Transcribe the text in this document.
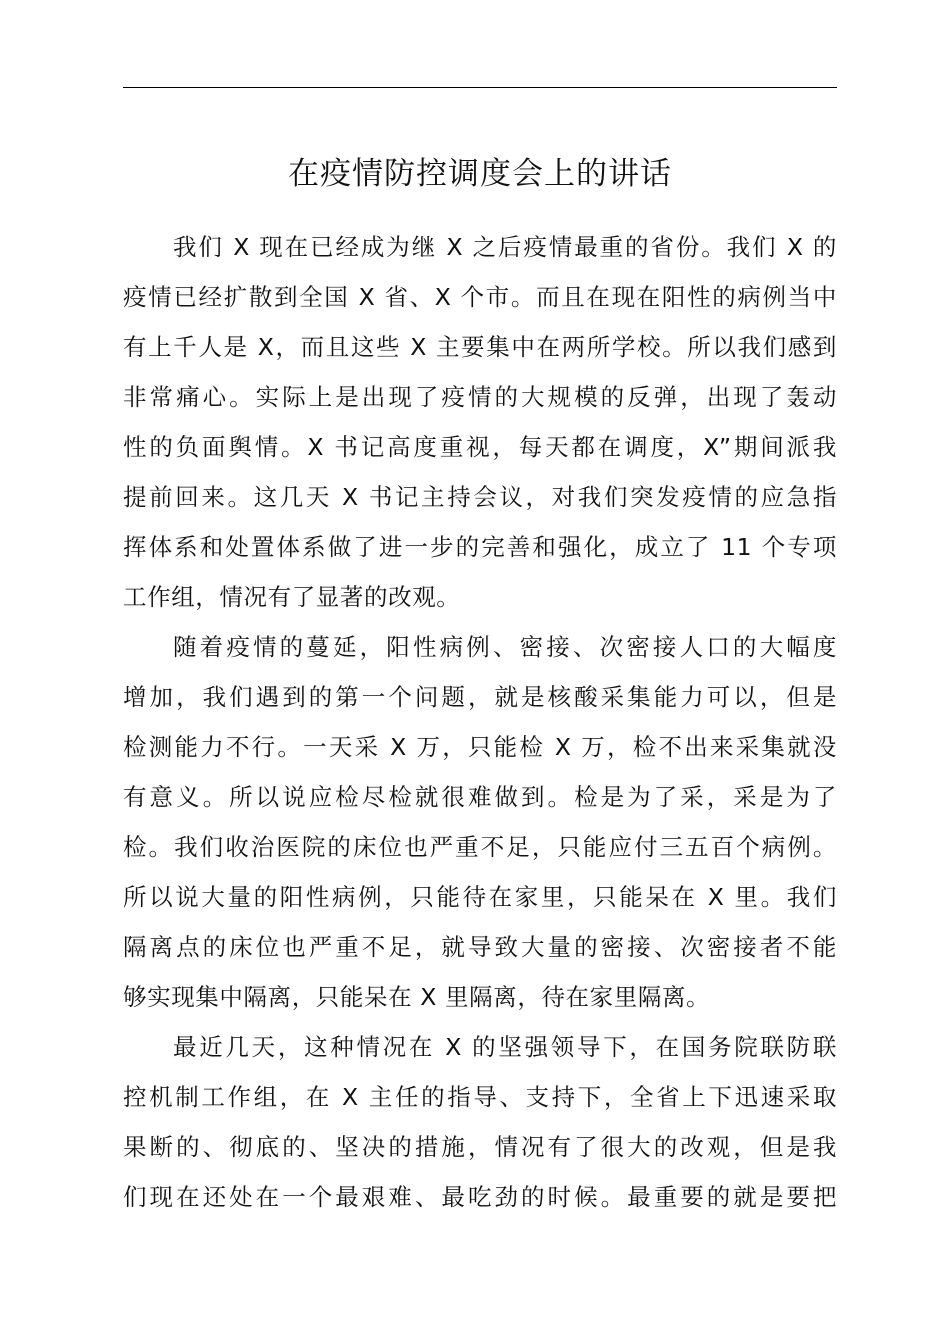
在疫情防控调度会上的讲话
我们 X 现在已经成为继 X 之后疫情最重的省份。我们 X 的
疫情已经扩散到全国 X 省、X 个市。而且在现在阳性的病例当中
有上千人是 X，而且这些 X 主要集中在两所学校。所以我们感到
非常痛心。实际上是出现了疫情的大规模的反弹，出现了轰动
性的负面舆情。X 书记高度重视，每天都在调度，X”期间派我
提前回来。这几天 X 书记主持会议，对我们突发疫情的应急指
挥体系和处置体系做了进一步的完善和强化，成立了 11 个专项
工作组，情况有了显著的改观。
随着疫情的蔓延，阳性病例、密接、次密接人口的大幅度
增加，我们遇到的第一个问题，就是核酸采集能力可以，但是
检测能力不行。一天采 X 万，只能检 X 万，检不出来采集就没
有意义。所以说应检尽检就很难做到。检是为了采，采是为了
检。我们收治医院的床位也严重不足，只能应付三五百个病例。
所以说大量的阳性病例，只能待在家里，只能呆在 X 里。我们
隔离点的床位也严重不足，就导致大量的密接、次密接者不能
够实现集中隔离，只能呆在 X 里隔离，待在家里隔离。
最近几天，这种情况在 X 的坚强领导下，在国务院联防联
控机制工作组，在 X 主任的指导、支持下，全省上下迅速采取
果断的、彻底的、坚决的措施，情况有了很大的改观，但是我
们现在还处在一个最艰难、最吃劲的时候。最重要的就是要把
